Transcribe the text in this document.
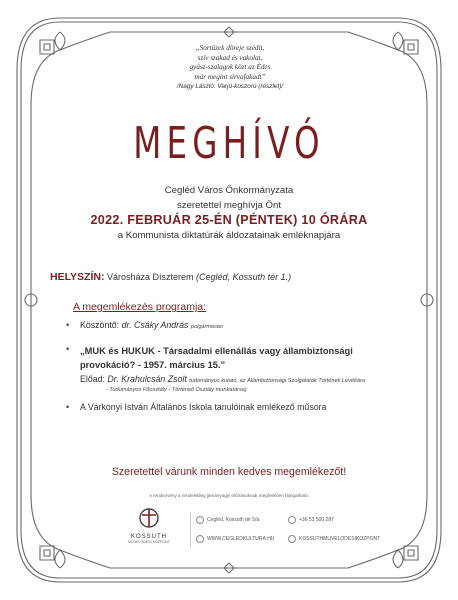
„Sortüzek döreje szédít,
szív szakad és vakolat,
gyász-szalagok közt az Édes
már megint sírvafakadt”
/Nagy László: Varjú-koszorú (részlet)/
MEGHÍVÓ
Cegléd Város Önkormányzata
szeretettel meghívja Önt
2022. FEBRUÁR 25-ÉN (PÉNTEK) 10 ÓRÁRA
a Kommunista diktatúrák áldozatainak emléknapjára
HELYSZÍN: Városháza Díszterem (Cegléd, Kossuth tér 1.)
A megemlékezés programja:
• Köszöntő: dr. Csáky András polgármester
• „MUK és HUKUK - Társadalmi ellenállás vagy állambiztonsági
provokáció? - 1957. március 15.”
Előad: Dr. Krahulcsán Zsolt tudományos kutató, az Állambiztonsági Szolgálatok Történeti Levéltára
- Tudományos Főosztály - Történeti Osztály munkatársa)
• A Várkonyi István Általános Iskola tanulóinak emlékező műsora
Szeretettel várunk minden kedves megemlékezőt!
A rendezvény a rendeletileg járványügyi előírásoknak megfelelően látogatható.
KOSSUTH
MŰVELŐDÉSI KÖZPONT
Cegléd, Kossuth tér 5/a	+36 53 500 287
WWW.CEGLEDKULTURA.HU	KOSSUTHMUVELODESIKOZPONT
